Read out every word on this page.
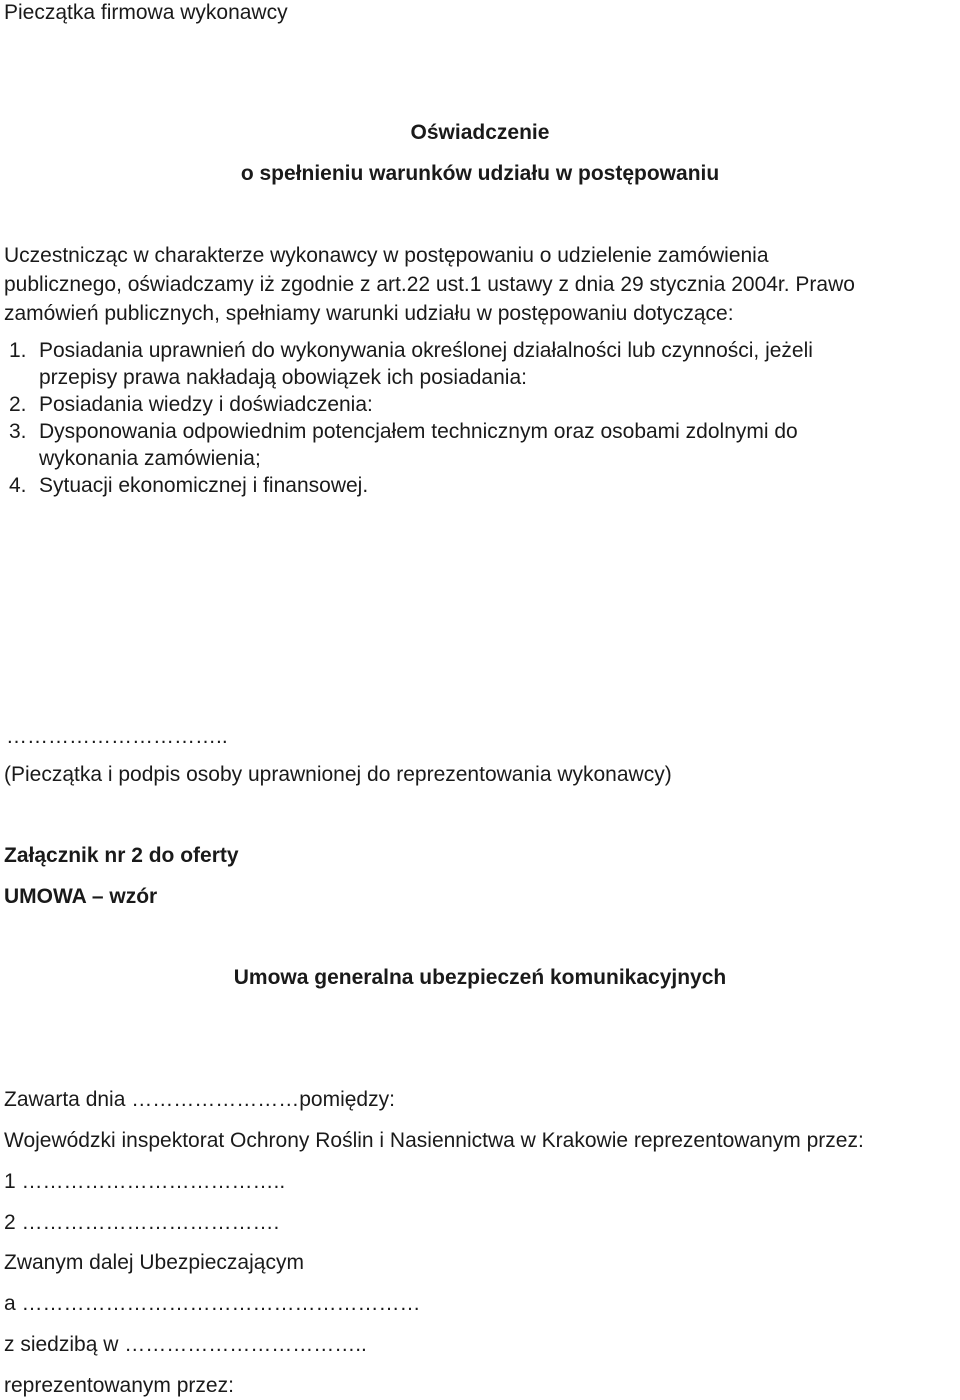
Pieczątka firmowa wykonawcy
Oświadczenie
o spełnieniu warunków udziału w postępowaniu
Uczestnicząc w charakterze wykonawcy w postępowaniu o udzielenie zamówienia
publicznego, oświadczamy iż zgodnie z art.22 ust.1 ustawy z dnia 29 stycznia 2004r. Prawo
zamówień publicznych, spełniamy warunki udziału w postępowaniu dotyczące:
1. Posiadania uprawnień do wykonywania określonej działalności lub czynności, jeżeli
przepisy prawa nakładają obowiązek ich posiadania:
2. Posiadania wiedzy i doświadczenia:
3. Dysponowania odpowiednim potencjałem technicznym oraz osobami zdolnymi do
wykonania zamówienia;
4. Sytuacji ekonomicznej i finansowej.
…………………………..
(Pieczątka i podpis osoby uprawnionej do reprezentowania wykonawcy)
Załącznik nr 2 do oferty
UMOWA – wzór
Umowa generalna ubezpieczeń komunikacyjnych
Zawarta dnia ……………………pomiędzy:
Wojewódzki inspektorat Ochrony Roślin i Nasiennictwa w Krakowie reprezentowanym przez:
1 ………………………………..
2 ……………………………….
Zwanym dalej Ubezpieczającym
a …………………………………………………
z siedzibą w ……………………………..
reprezentowanym przez:
